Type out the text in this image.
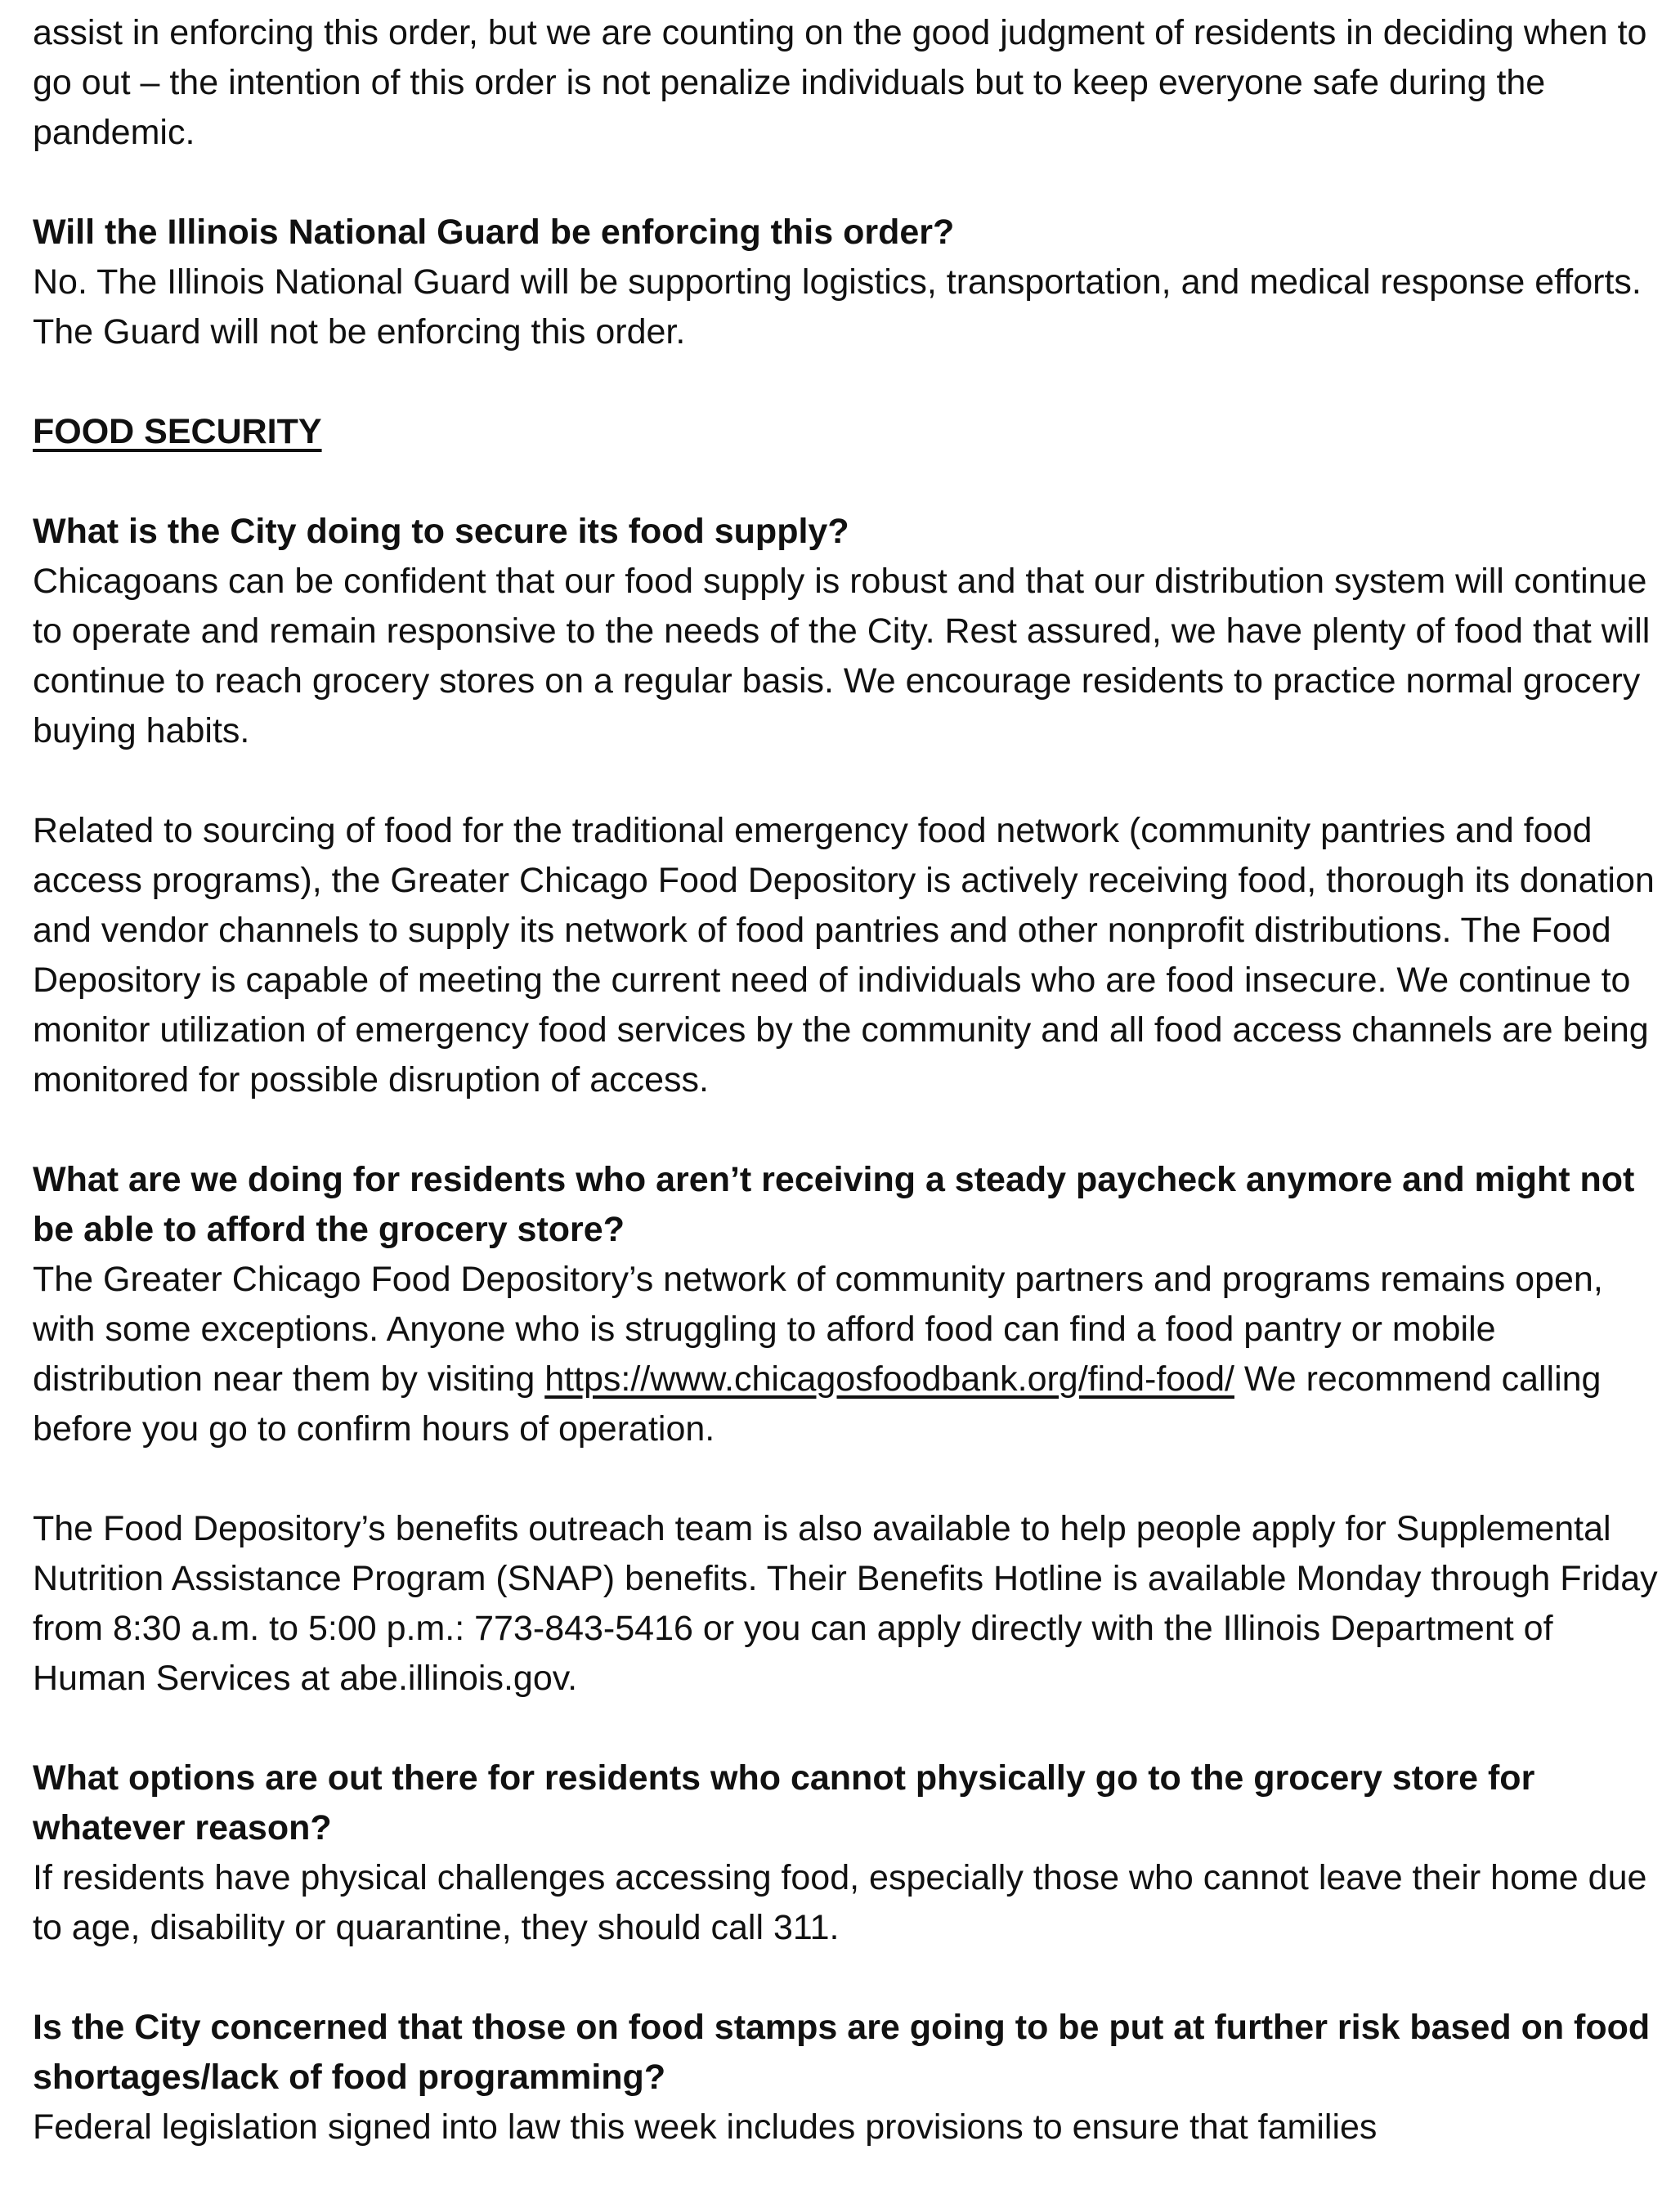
assist in enforcing this order, but we are counting on the good judgment of residents in deciding when to go out – the intention of this order is not penalize individuals but to keep everyone safe during the pandemic.

Will the Illinois National Guard be enforcing this order?

No. The Illinois National Guard will be supporting logistics, transportation, and medical response efforts. The Guard will not be enforcing this order.

FOOD SECURITY

What is the City doing to secure its food supply?

Chicagoans can be confident that our food supply is robust and that our distribution system will continue to operate and remain responsive to the needs of the City. Rest assured, we have plenty of food that will continue to reach grocery stores on a regular basis. We encourage residents to practice normal grocery buying habits.

Related to sourcing of food for the traditional emergency food network (community pantries and food access programs), the Greater Chicago Food Depository is actively receiving food, thorough its donation and vendor channels to supply its network of food pantries and other nonprofit distributions. The Food Depository is capable of meeting the current need of individuals who are food insecure. We continue to monitor utilization of emergency food services by the community and all food access channels are being monitored for possible disruption of access.

What are we doing for residents who aren’t receiving a steady paycheck anymore and might not be able to afford the grocery store?

The Greater Chicago Food Depository’s network of community partners and programs remains open, with some exceptions. Anyone who is struggling to afford food can find a food pantry or mobile distribution near them by visiting https://www.chicagosfoodbank.org/find-food/ We recommend calling before you go to confirm hours of operation.

The Food Depository’s benefits outreach team is also available to help people apply for Supplemental Nutrition Assistance Program (SNAP) benefits. Their Benefits Hotline is available Monday through Friday from 8:30 a.m. to 5:00 p.m.: 773-843-5416 or you can apply directly with the Illinois Department of Human Services at abe.illinois.gov.

What options are out there for residents who cannot physically go to the grocery store for whatever reason?

If residents have physical challenges accessing food, especially those who cannot leave their home due to age, disability or quarantine, they should call 311.

Is the City concerned that those on food stamps are going to be put at further risk based on food shortages/lack of food programming?

Federal legislation signed into law this week includes provisions to ensure that families
